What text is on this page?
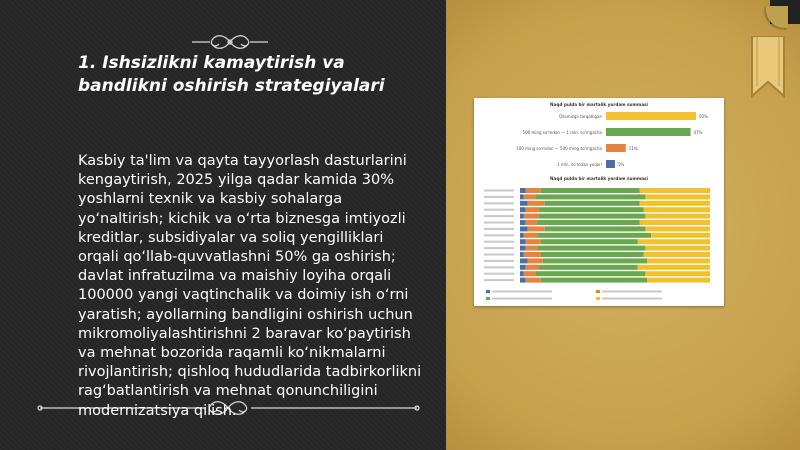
1. Ishsizlikni kamaytirish va bandlikni oshirish strategiyalari
Kasbiy ta'lim va qayta tayyorlash dasturlarini kengaytirish, 2025 yilga qadar kamida 30% yoshlarni texnik va kasbiy sohalarga yo‘naltirish; kichik va o‘rta biznesga imtiyozli kreditlar, subsidiyalar va soliq yengilliklari orqali qo‘llab-quvvatlashni 50% ga oshirish; davlat infratuzilma va maishiy loyiha orqali 100000 yangi vaqtinchalik va doimiy ish o‘rni yaratish; ayollarning bandligini oshirish uchun mikromoliyalashtirishni 2 baravar ko‘paytirish va mehnat bozorida raqamli ko‘nikmalarni rivojlantirish; qishloq hududlarida tadbirkorlikni rag‘batlantirish va mehnat qonunchiligini modernizatsiya qilish.
Naqd pulda bir martalik yordam summasi
Oilamizga tarqatilgan	50%
500 ming so'mdan — 1 mln. so'mgacha	47%
100 ming so'mdan — 500 ming so'mgacha	11%
1 mln. so'mdan yuqori	5%
Naqd pulda bir martalik yordam summasi
